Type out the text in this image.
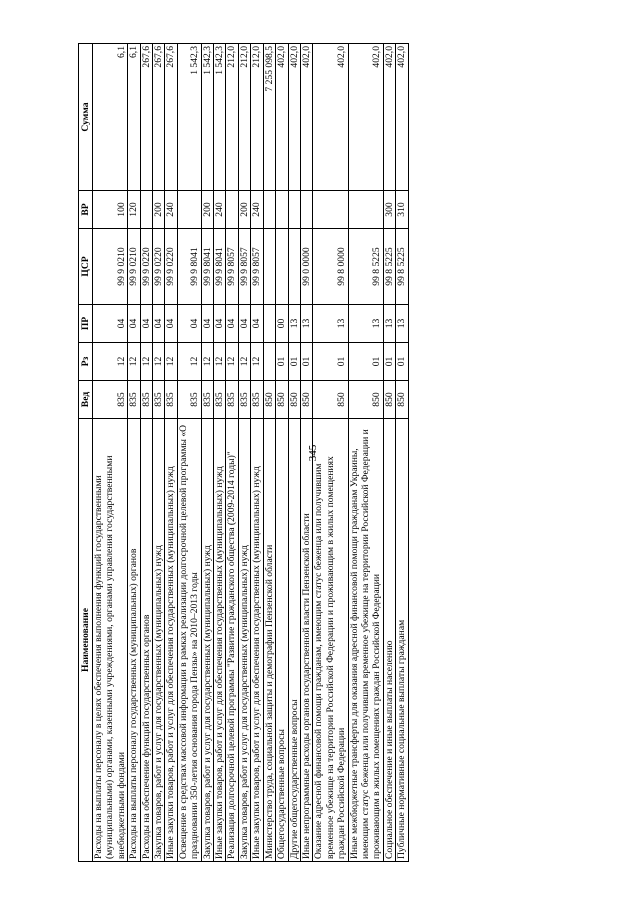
345
Наименование	Вед	Рз	ПР	ЦСР	ВР	Сумма
Расходы на выплаты персоналу в целях обеспечения выполнения функций государственными (муниципальными) органами, казенными учреждениями, органами управления государственными внебюджетными фондами	835	12	04	99 9 0210	100	6,1
Расходы на выплаты персоналу государственных (муниципальных) органов	835	12	04	99 9 0210	120	6,1
Расходы на обеспечение функций государственных органов	835	12	04	99 9 0220		267,6
Закупка товаров, работ и услуг для государственных (муниципальных) нужд	835	12	04	99 9 0220	200	267,6
Иные закупки товаров, работ и услуг для обеспечения государственных (муниципальных) нужд	835	12	04	99 9 0220	240	267,6
Освещение в средствах массовой информации в рамках реализации долгосрочной целевой программы «О праздновании 350-летия основания города Пензы» на 2010–2013 годы	835	12	04	99 9 8041		1 542,3
Закупка товаров, работ и услуг для государственных (муниципальных) нужд	835	12	04	99 9 8041	200	1 542,3
Иные закупки товаров, работ и услуг для обеспечения государственных (муниципальных) нужд	835	12	04	99 9 8041	240	1 542,3
Реализация долгосрочной целевой программы "Развитие гражданского общества (2009-2014 годы)"	835	12	04	99 9 8057		212,0
Закупка товаров, работ и услуг для государственных (муниципальных) нужд	835	12	04	99 9 8057	200	212,0
Иные закупки товаров, работ и услуг для обеспечения государственных (муниципальных) нужд	835	12	04	99 9 8057	240	212,0
Министерство труда, социальной защиты и демографии Пензенской области	850					7 255 098,5
Общегосударственные вопросы	850	01	00			402,0
Другие общегосударственные вопросы	850	01	13			402,0
Иные непрограммные расходы органов государственной власти Пензенской области	850	01	13	99 0 0000		402,0
Оказание адресной финансовой помощи гражданам, имеющим статус беженца или получившим временное убежище на территории Российской Федерации и проживающим в жилых помещениях граждан Российской Федерации	850	01	13	99 8 0000		402,0
Иные межбюджетные трансферты для оказания адресной финансовой помощи гражданам Украины, имеющим статус беженца или получившим временное убежище на территории Российской Федерации и проживающим в жилых помещениях граждан Российской Федерации	850	01	13	99 8 5225		402,0
Социальное обеспечение и иные выплаты населению	850	01	13	99 8 5225	300	402,0
Публичные нормативные социальные выплаты гражданам	850	01	13	99 8 5225	310	402,0
